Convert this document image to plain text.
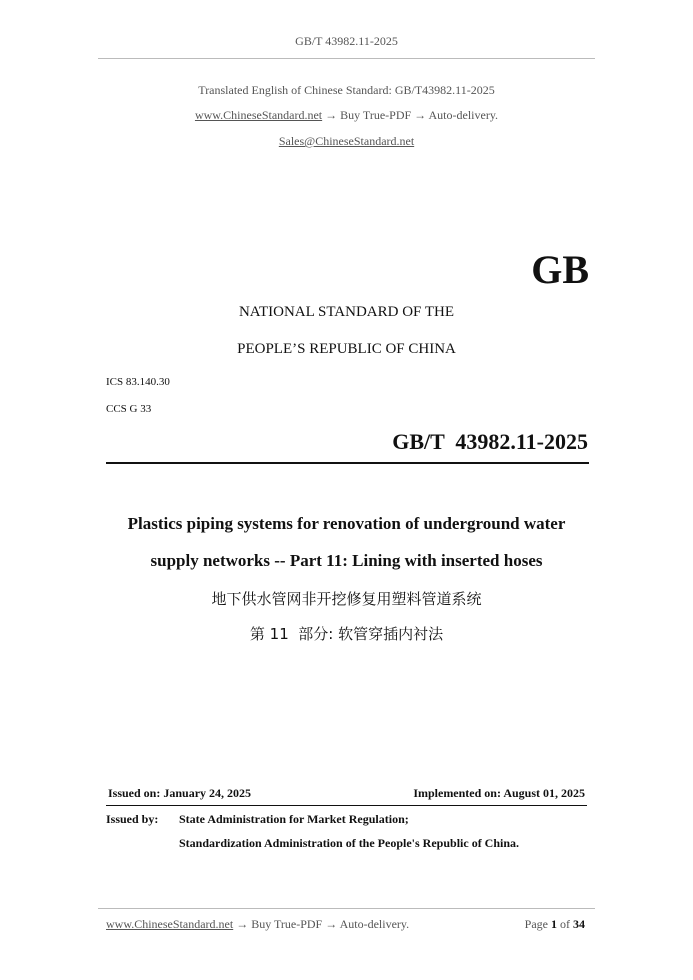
GB/T 43982.11-2025
Translated English of Chinese Standard: GB/T43982.11-2025
www.ChineseStandard.net → Buy True-PDF → Auto-delivery.
Sales@ChineseStandard.net
GB
NATIONAL STANDARD OF THE
PEOPLE’S REPUBLIC OF CHINA
ICS 83.140.30
CCS G 33
GB/T  43982.11-2025
Plastics piping systems for renovation of underground water
supply networks -- Part 11: Lining with inserted hoses
地下供水管网非开挖修复用塑料管道系统
第 11  部分: 软管穿插内衬法
Issued on: January 24, 2025	Implemented on: August 01, 2025
Issued by: State Administration for Market Regulation;
Standardization Administration of the People's Republic of China.
www.ChineseStandard.net → Buy True-PDF → Auto-delivery.	Page 1 of 34
